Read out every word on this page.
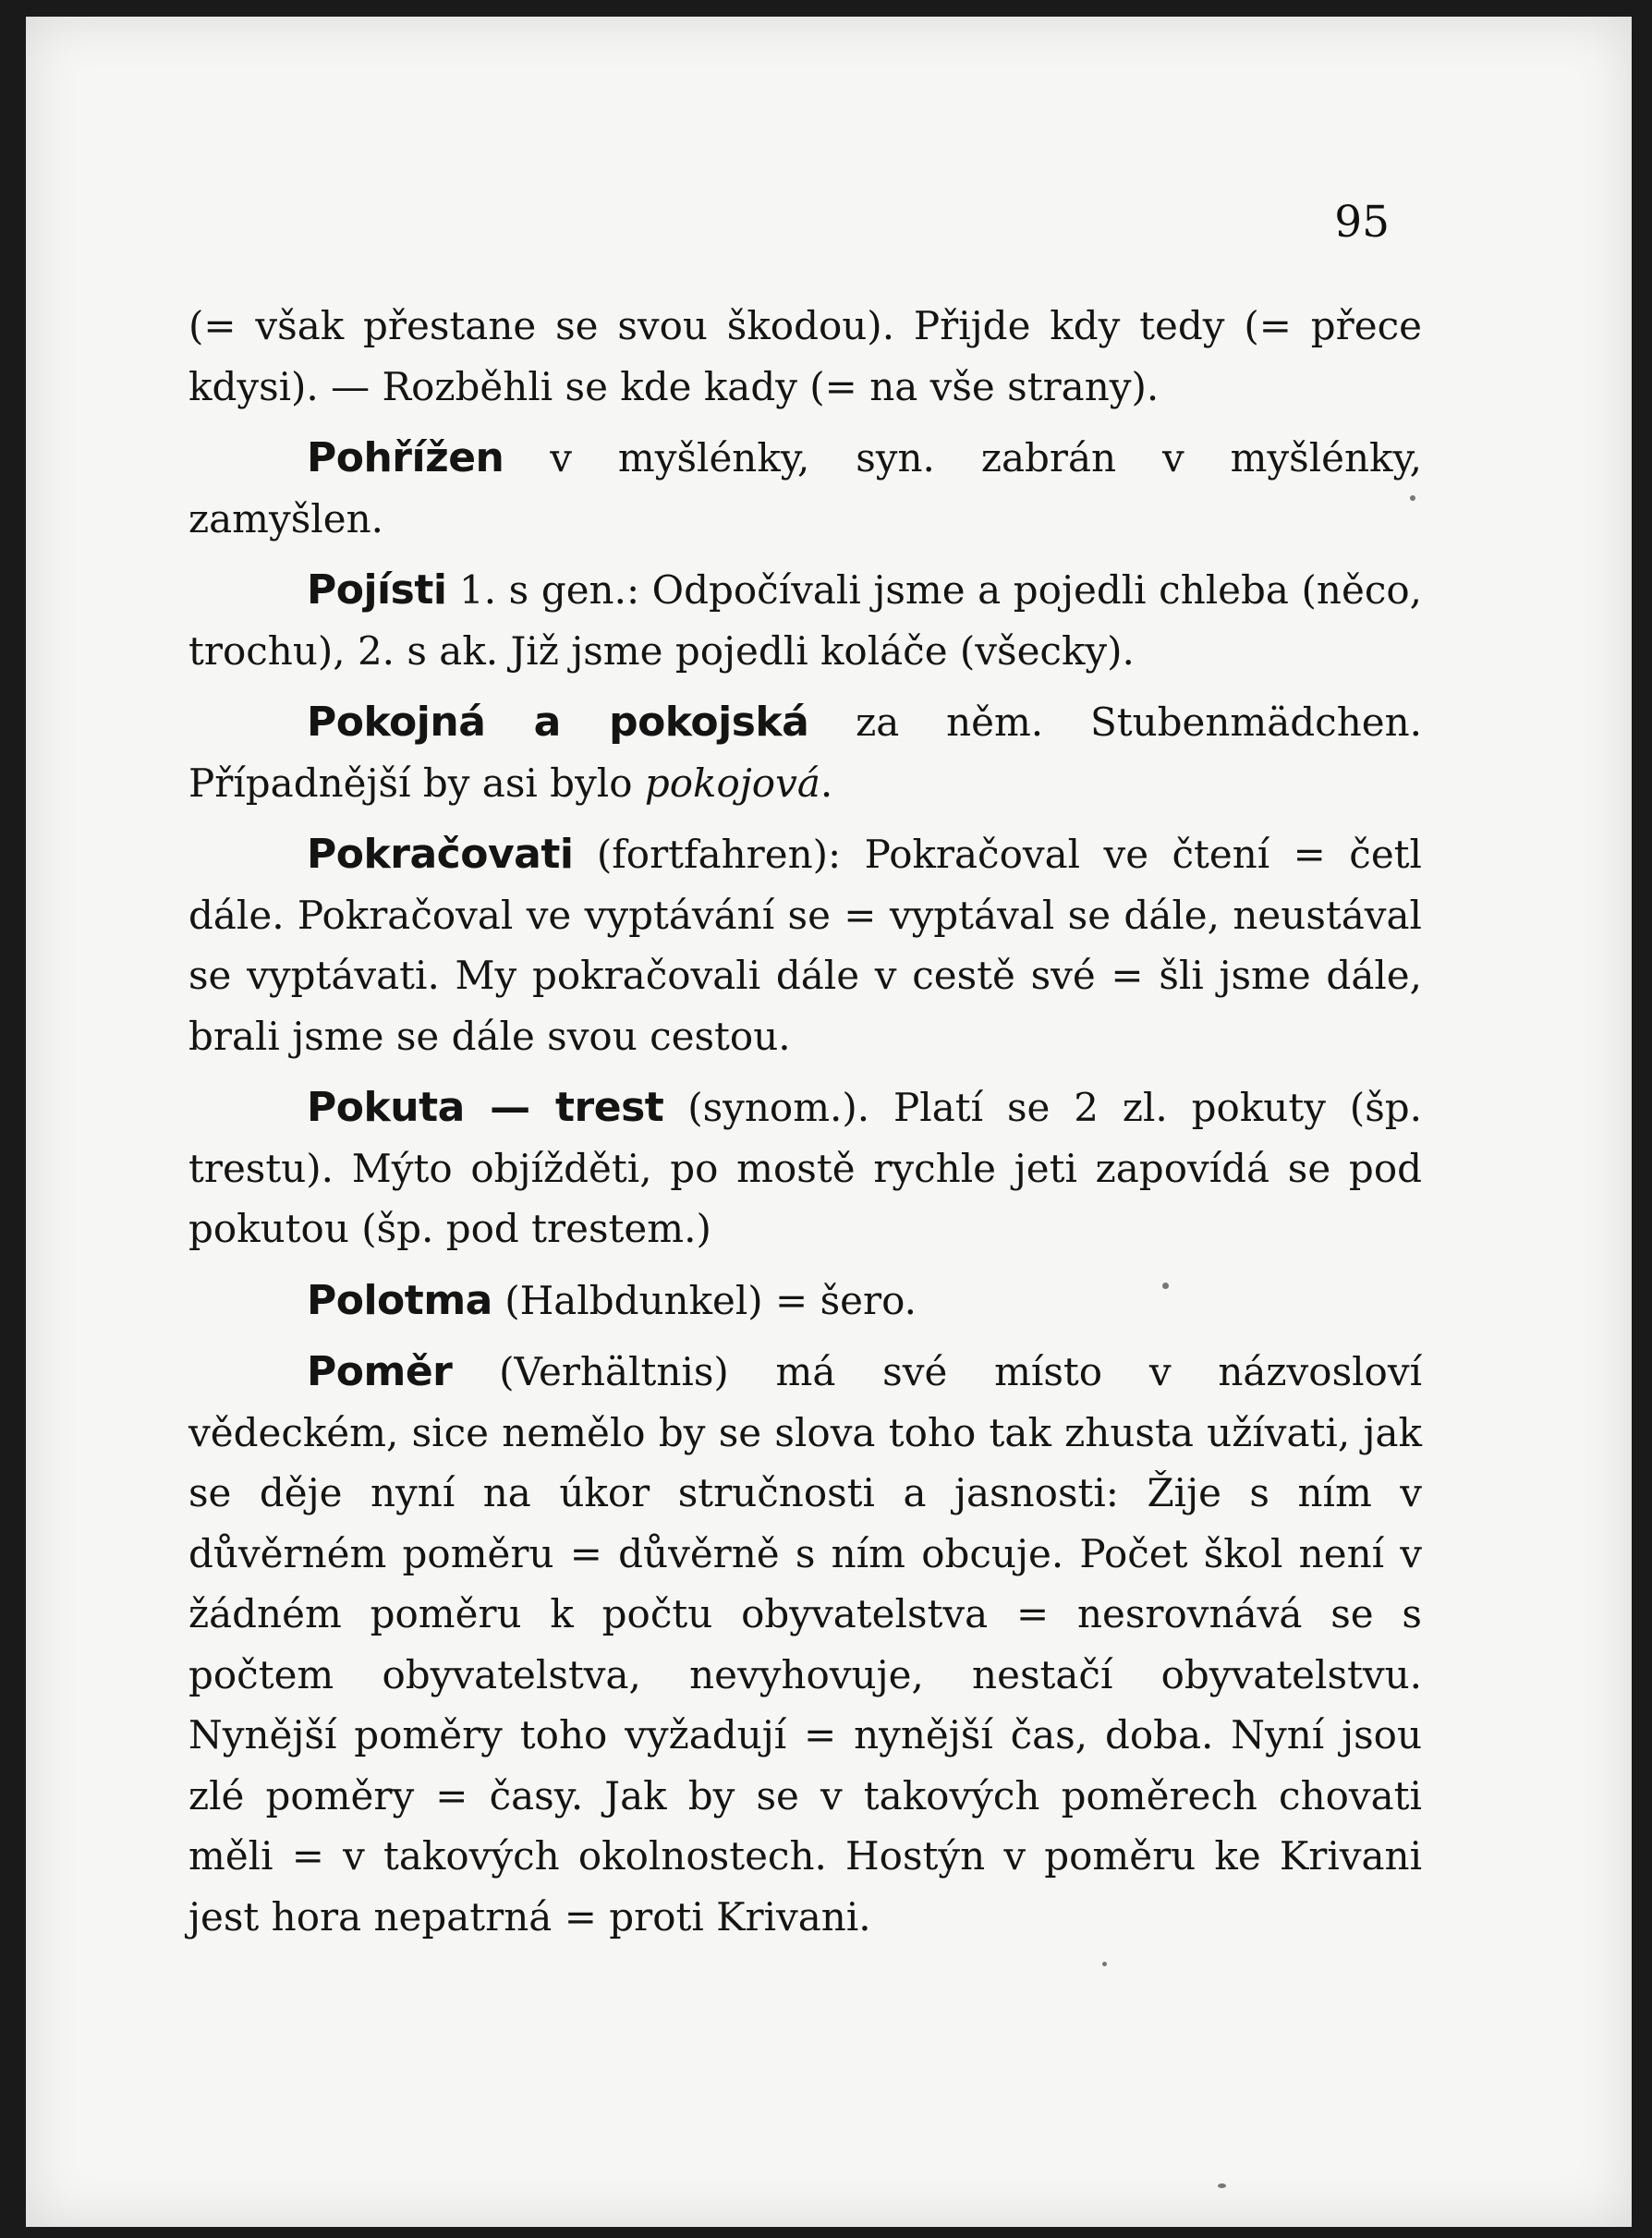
95

(= však přestane se svou škodou). Přijde kdy tedy (= přece kdysi). — Rozběhli se kde kady (= na vše strany).

Pohřížen v myšlénky, syn. zabrán v myšlénky, zamyšlen.

Pojísti 1. s gen.: Odpočívali jsme a pojedli chleba (něco, trochu), 2. s ak. Již jsme pojedli koláče (všecky).

Pokojná a pokojská za něm. Stubenmädchen. Případnější by asi bylo pokojová.

Pokračovati (fortfahren): Pokračoval ve čtení = četl dále. Pokračoval ve vyptávání se = vyptával se dále, neustával se vyptávati. My pokračovali dále v cestě své = šli jsme dále, brali jsme se dále svou cestou.

Pokuta — trest (synom.). Platí se 2 zl. pokuty (šp. trestu). Mýto objížděti, po mostě rychle jeti zapovídá se pod pokutou (šp. pod trestem.)

Polotma (Halbdunkel) = šero.

Poměr (Verhältnis) má své místo v názvosloví vědeckém, sice nemělo by se slova toho tak zhusta užívati, jak se děje nyní na úkor stručnosti a jasnosti: Žije s ním v důvěrném poměru = důvěrně s ním obcuje. Počet škol není v žádném poměru k počtu obyvatelstva = nesrovnává se s počtem obyvatelstva, nevyhovuje, nestačí obyvatelstvu. Nynější poměry toho vyžadují = nynější čas, doba. Nyní jsou zlé poměry = časy. Jak by se v takových poměrech chovati měli = v takových okolnostech. Hostýn v poměru ke Krivani jest hora nepatrná = proti Krivani.
